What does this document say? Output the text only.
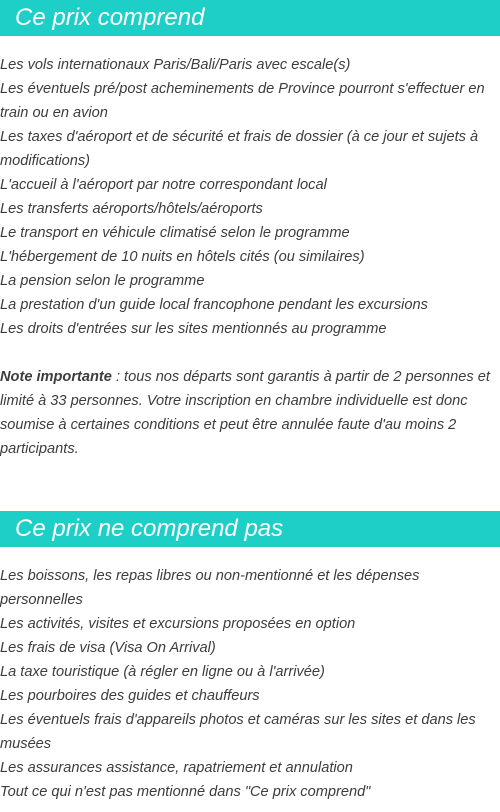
Ce prix comprend
Les vols internationaux Paris/Bali/Paris avec escale(s)
Les éventuels pré/post acheminements de Province pourront s'effectuer en train ou en avion
Les taxes d'aéroport et de sécurité et frais de dossier (à ce jour et sujets à modifications)
L'accueil à l'aéroport par notre correspondant local
Les transferts aéroports/hôtels/aéroports
Le transport en véhicule climatisé selon le programme
L'hébergement de 10 nuits en hôtels cités (ou similaires)
La pension selon le programme
La prestation d'un guide local francophone pendant les excursions
Les droits d'entrées sur les sites mentionnés au programme

Note importante : tous nos départs sont garantis à partir de 2 personnes et limité à 33 personnes. Votre inscription en chambre individuelle est donc soumise à certaines conditions et peut être annulée faute d'au moins 2 participants.

Ce prix ne comprend pas
Les boissons, les repas libres ou non-mentionné et les dépenses personnelles
Les activités, visites et excursions proposées en option
Les frais de visa (Visa On Arrival)
La taxe touristique (à régler en ligne ou à l'arrivée)
Les pourboires des guides et chauffeurs
Les éventuels frais d'appareils photos et caméras sur les sites et dans les musées
Les assurances assistance, rapatriement et annulation
Tout ce qui n'est pas mentionné dans "Ce prix comprend"
